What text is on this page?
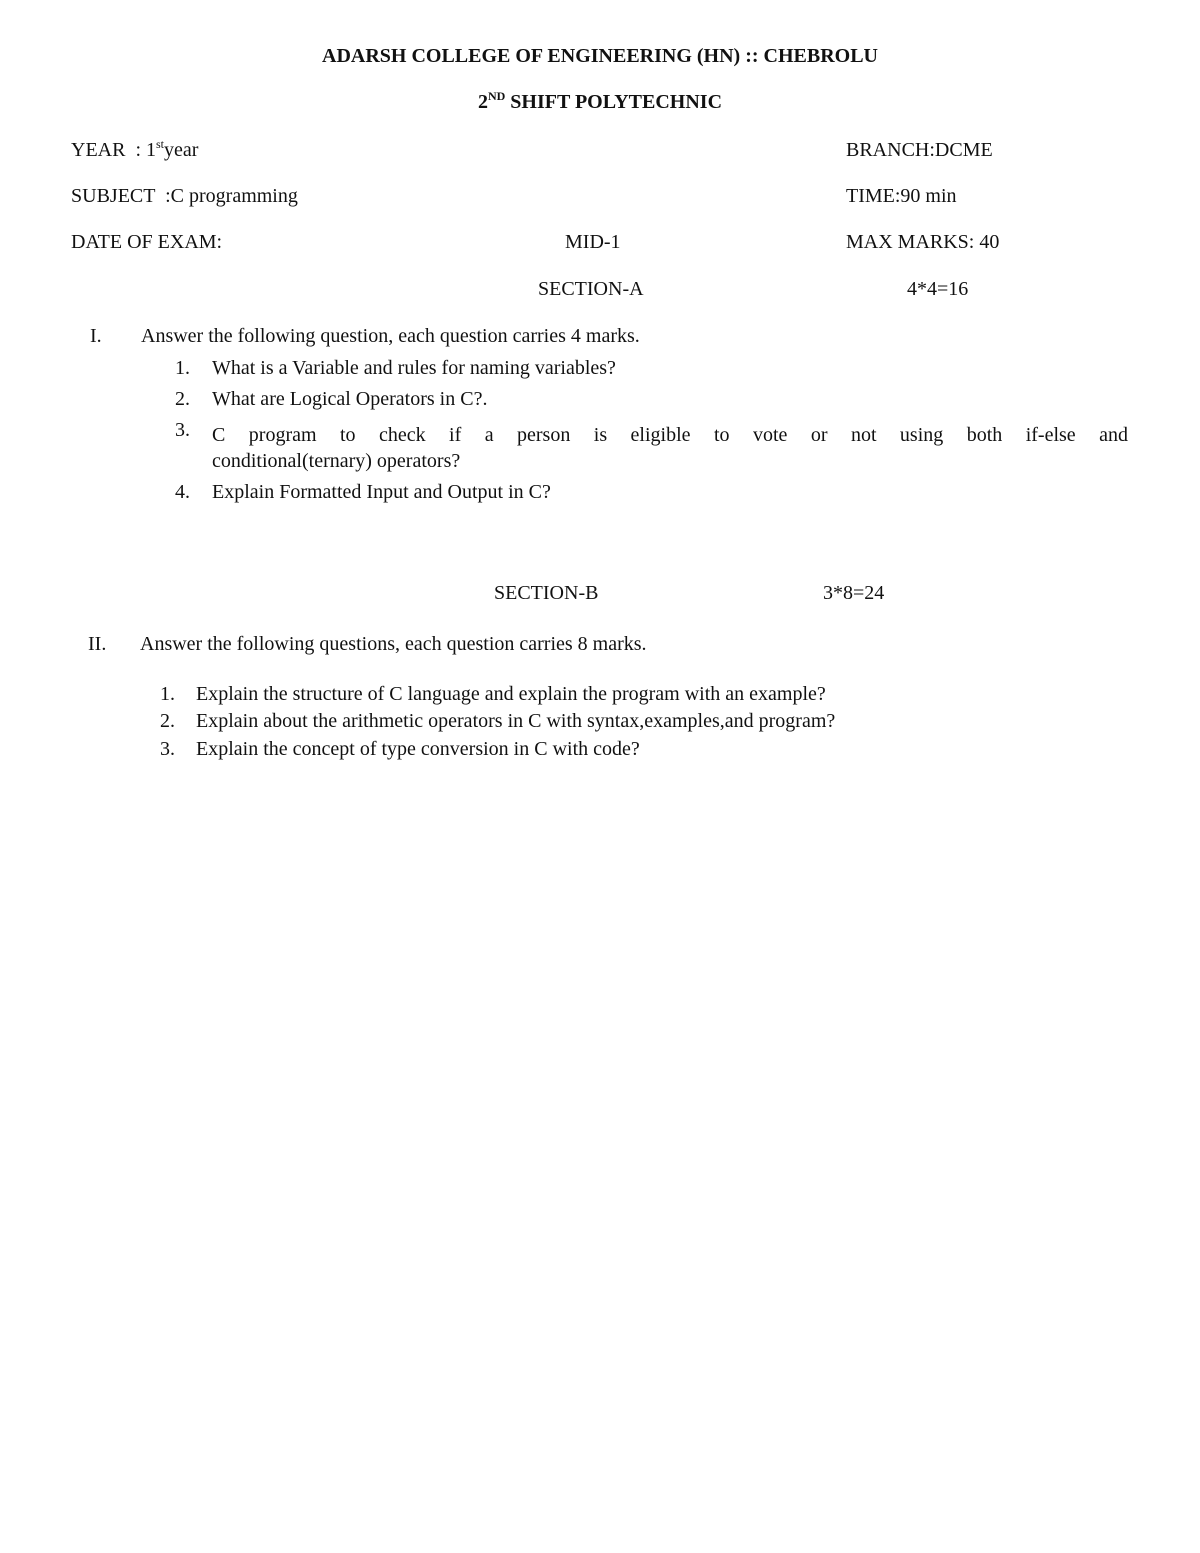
ADARSH COLLEGE OF ENGINEERING (HN) :: CHEBROLU
2ND SHIFT POLYTECHNIC
YEAR  : 1styear	BRANCH:DCME
SUBJECT  :C programming	TIME:90 min
DATE OF EXAM:	MID-1	MAX MARKS: 40
SECTION-A	4*4=16
I. Answer the following question, each question carries 4 marks.
1. What is a Variable and rules for naming variables?
2. What are Logical Operators in C?.
3. C program to check if a person is eligible to vote or not using both if-else and
conditional(ternary) operators?
4. Explain Formatted Input and Output in C?
SECTION-B	3*8=24
II. Answer the following questions, each question carries 8 marks.
1. Explain the structure of C language and explain the program with an example?
2. Explain about the arithmetic operators in C with syntax,examples,and program?
3. Explain the concept of type conversion in C with code?
